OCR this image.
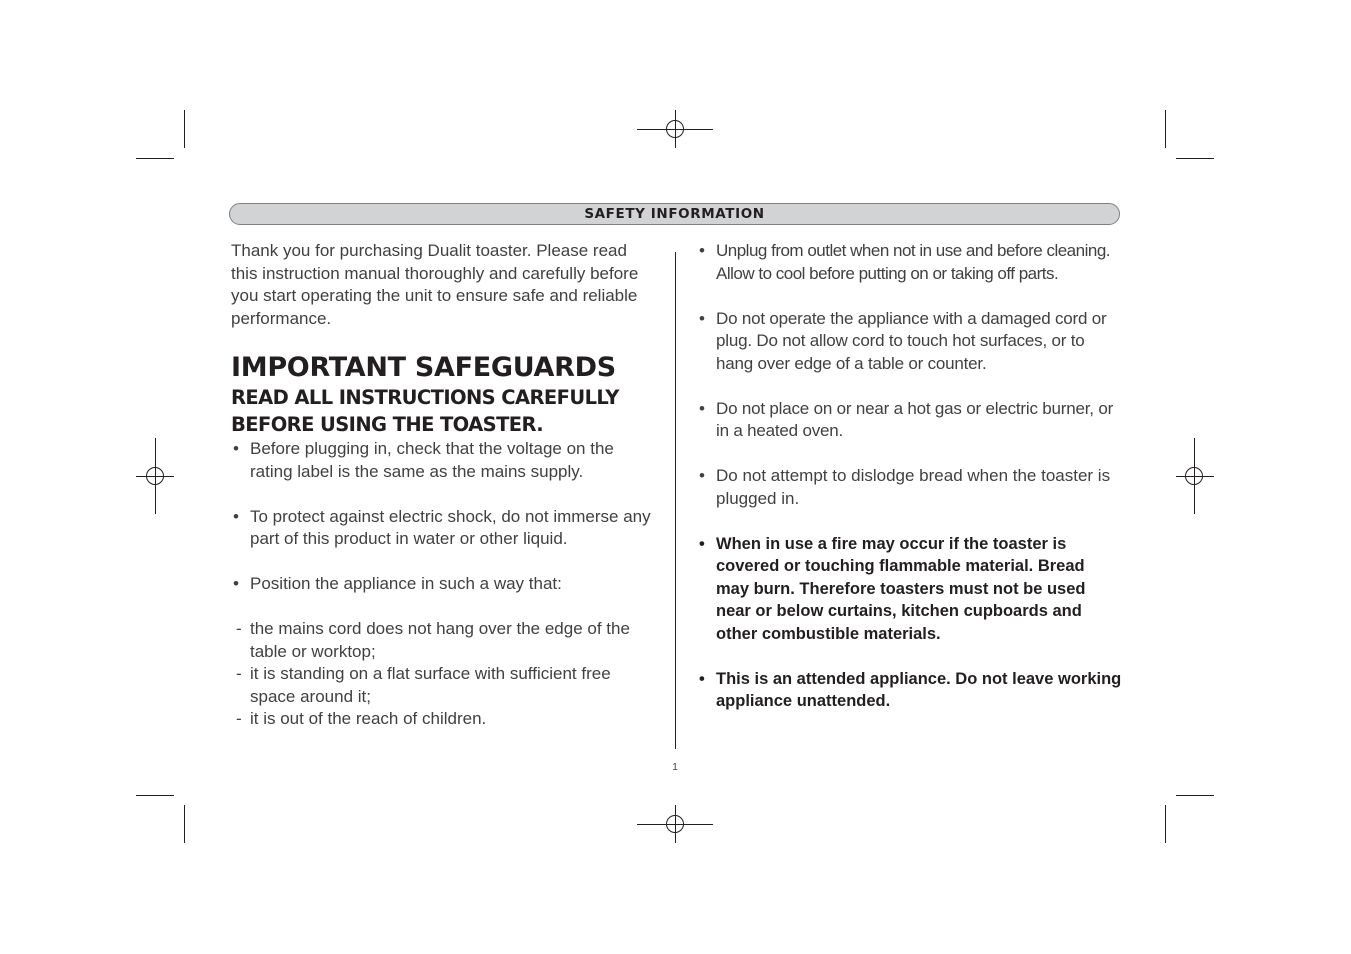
SAFETY INFORMATION

Thank you for purchasing Dualit toaster. Please read this instruction manual thoroughly and carefully before you start operating the unit to ensure safe and reliable performance.

IMPORTANT SAFEGUARDS
READ ALL INSTRUCTIONS CAREFULLY
BEFORE USING THE TOASTER.
• Before plugging in, check that the voltage on the rating label is the same as the mains supply.
• To protect against electric shock, do not immerse any part of this product in water or other liquid.
• Position the appliance in such a way that:
- the mains cord does not hang over the edge of the table or worktop;
- it is standing on a flat surface with sufficient free space around it;
- it is out of the reach of children.
• Unplug from outlet when not in use and before cleaning. Allow to cool before putting on or taking off parts.
• Do not operate the appliance with a damaged cord or plug. Do not allow cord to touch hot surfaces, or to hang over edge of a table or counter.
• Do not place on or near a hot gas or electric burner, or in a heated oven.
• Do not attempt to dislodge bread when the toaster is plugged in.
• When in use a fire may occur if the toaster is covered or touching flammable material. Bread may burn. Therefore toasters must not be used near or below curtains, kitchen cupboards and other combustible materials.
• This is an attended appliance. Do not leave working appliance unattended.
1
